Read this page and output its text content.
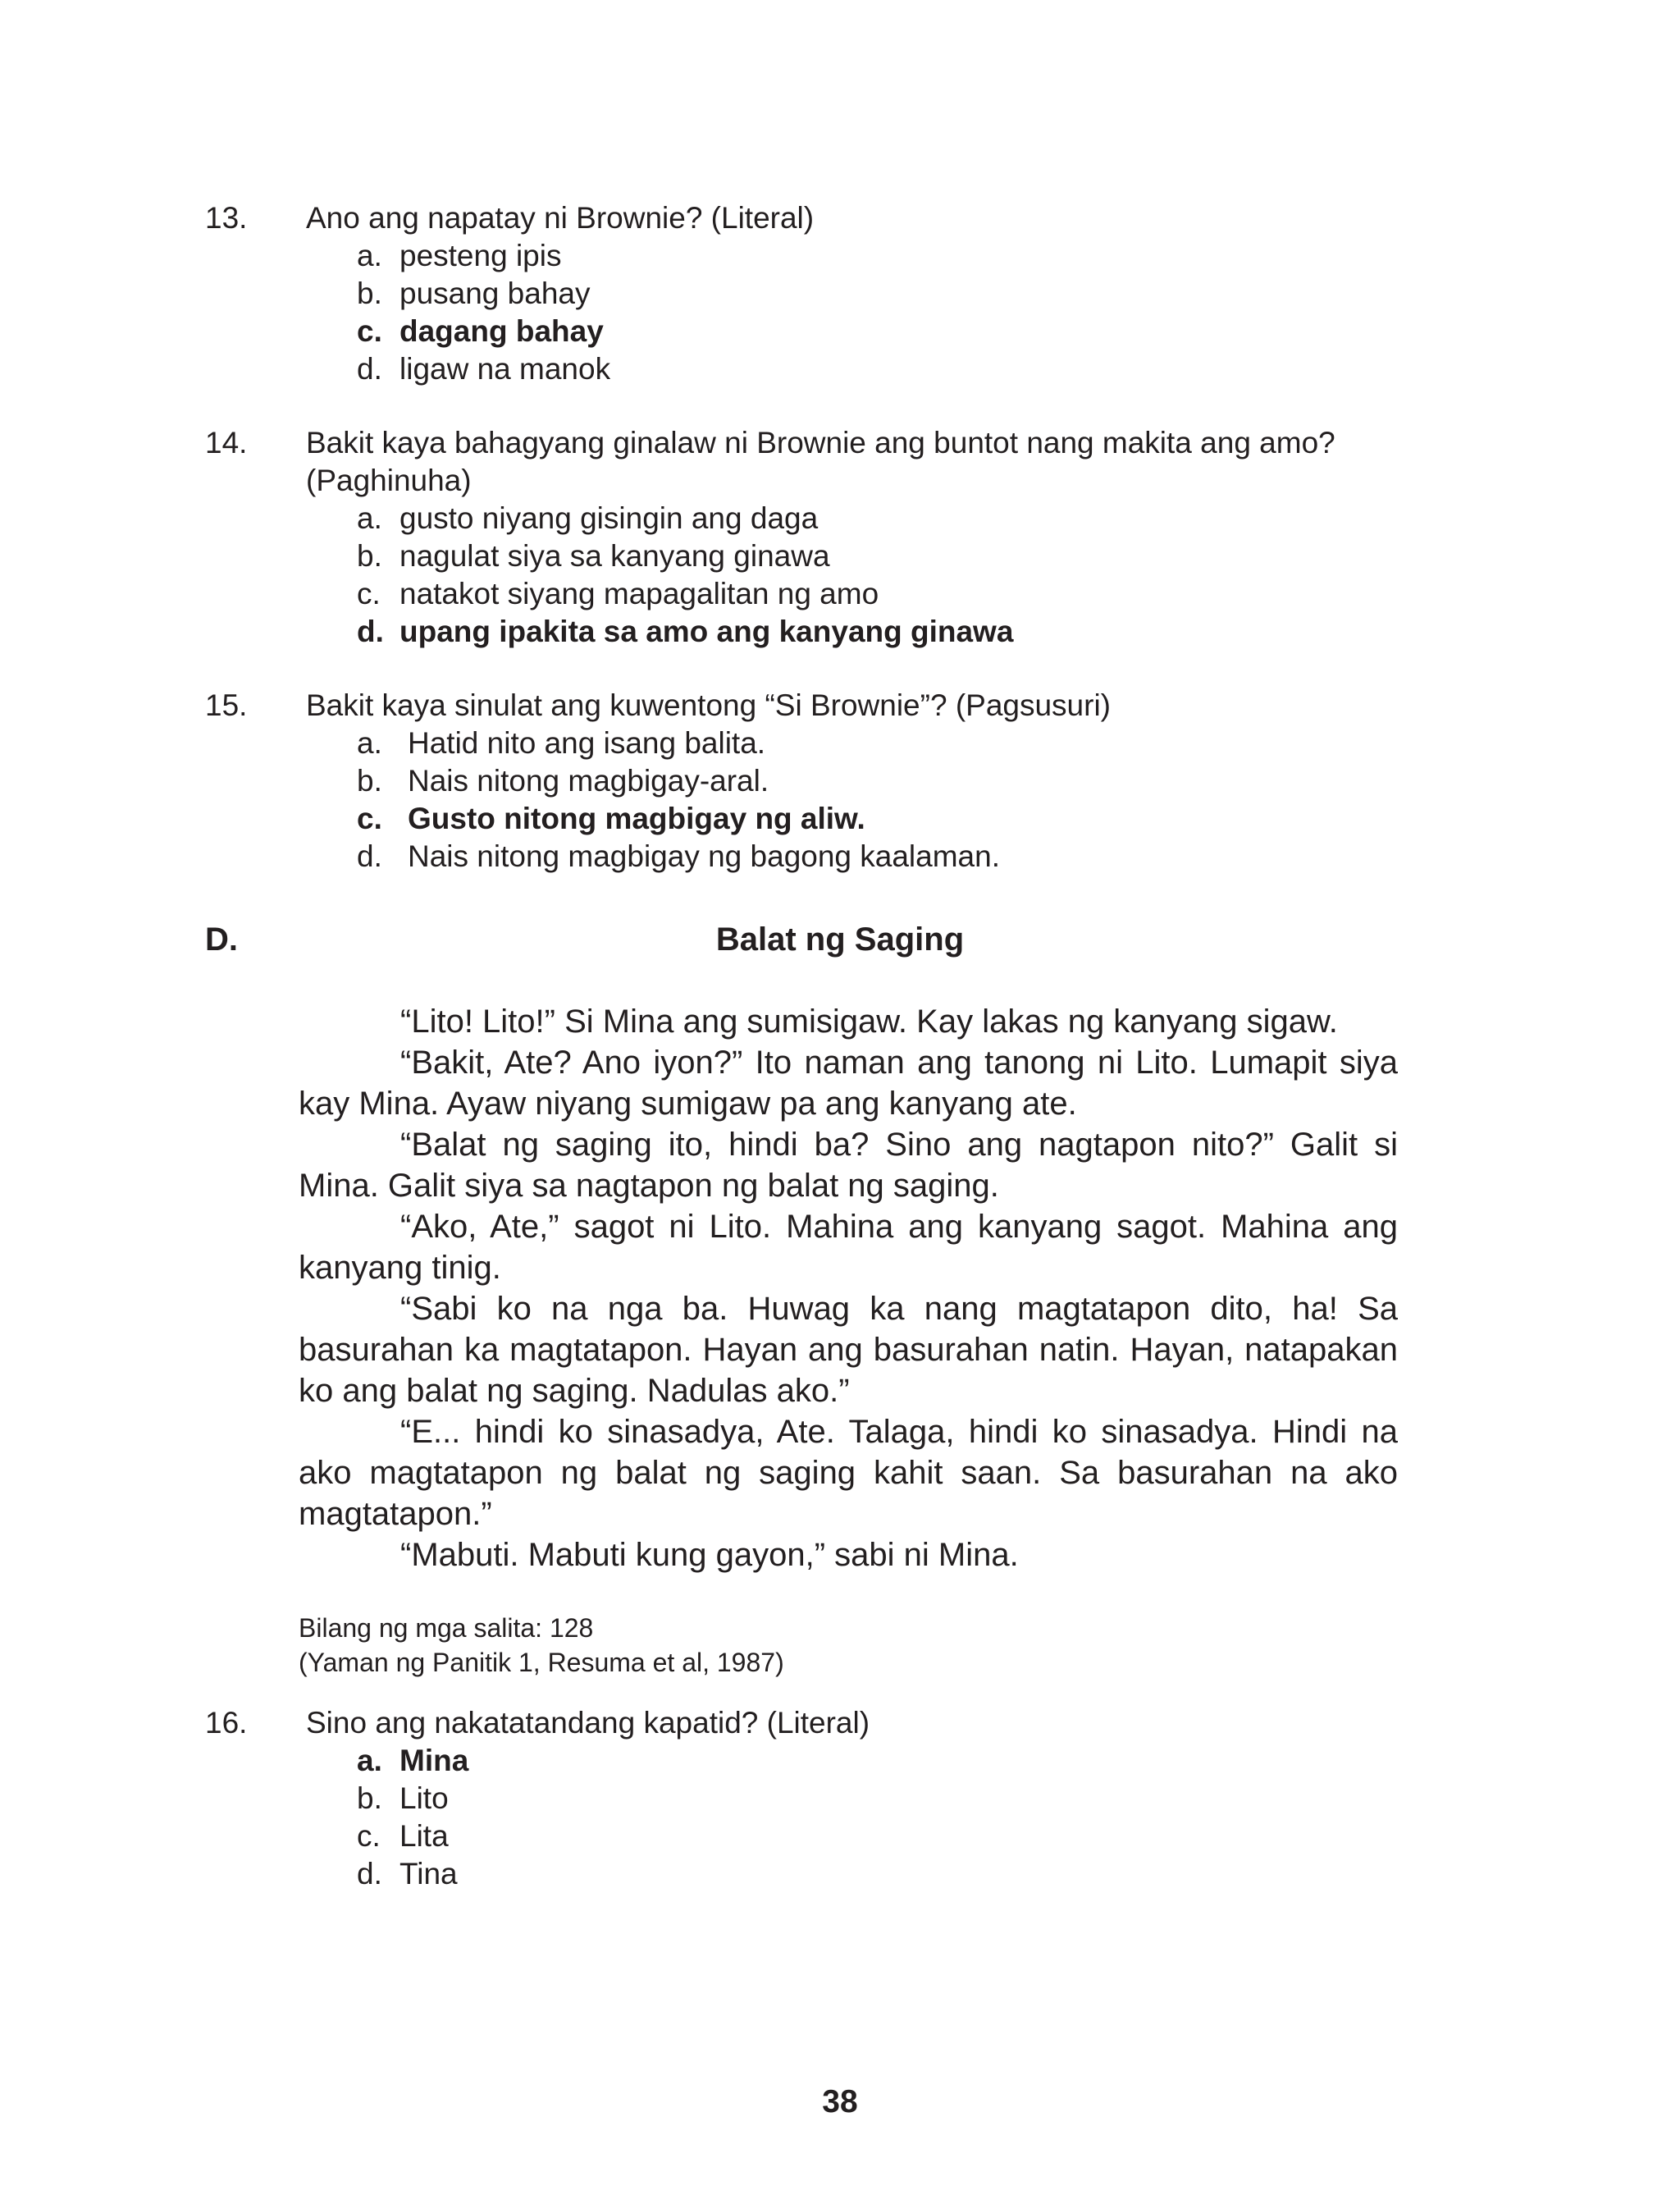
13. Ano ang napatay ni Brownie? (Literal)
a. pesteng ipis
b. pusang bahay
c. dagang bahay
d. ligaw na manok
14. Bakit kaya bahagyang ginalaw ni Brownie ang buntot nang makita ang amo?
(Paghinuha)
a. gusto niyang gisingin ang daga
b. nagulat siya sa kanyang ginawa
c. natakot siyang mapagalitan ng amo
d. upang ipakita sa amo ang kanyang ginawa
15. Bakit kaya sinulat ang kuwentong “Si Brownie”? (Pagsusuri)
a. Hatid nito ang isang balita.
b. Nais nitong magbigay-aral.
c. Gusto nitong magbigay ng aliw.
d. Nais nitong magbigay ng bagong kaalaman.
D.	Balat ng Saging

“Lito! Lito!” Si Mina ang sumisigaw. Kay lakas ng kanyang sigaw.

“Bakit, Ate? Ano iyon?” Ito naman ang tanong ni Lito. Lumapit siya kay Mina. Ayaw niyang sumigaw pa ang kanyang ate.

“Balat ng saging ito, hindi ba? Sino ang nagtapon nito?” Galit si Mina. Galit siya sa nagtapon ng balat ng saging.

“Ako, Ate,” sagot ni Lito. Mahina ang kanyang sagot. Mahina ang kanyang tinig.

“Sabi ko na nga ba. Huwag ka nang magtatapon dito, ha! Sa basurahan ka magtatapon. Hayan ang basurahan natin. Hayan, natapakan ko ang balat ng saging. Nadulas ako.”

“E... hindi ko sinasadya, Ate. Talaga, hindi ko sinasadya. Hindi na ako magtatapon ng balat ng saging kahit saan. Sa basurahan na ako magtatapon.”

“Mabuti. Mabuti kung gayon,” sabi ni Mina.

Bilang ng mga salita: 128
(Yaman ng Panitik 1, Resuma et al, 1987)
16. Sino ang nakatatandang kapatid? (Literal)
a. Mina
b. Lito
c. Lita
d. Tina
38
